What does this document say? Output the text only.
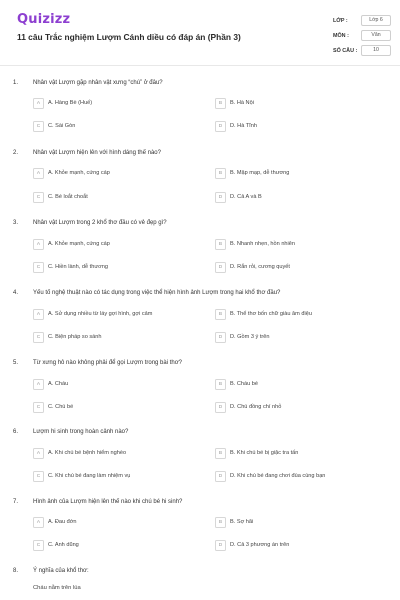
Quizizz
11 câu Trắc nghiệm Lượm Cánh diều có đáp án (Phần 3)
LỚP :	Lớp 6
MÔN :	Văn
SỐ CÂU :	10
1. Nhân vật Lượm gặp nhân vật xưng “chú” ở đâu?
A	A. Hàng Bè (Huế)	B	B. Hà Nội
C	C. Sài Gòn	D	D. Hà Tĩnh
2. Nhân vật Lượm hiện lên với hình dáng thế nào?
A	A. Khỏe mạnh, cứng cáp	B	B. Mập mạp, dễ thương
C	C. Bé loắt choắt	D	D. Cả A và B
3. Nhân vật Lượm trong 2 khổ thơ đầu có vẻ đẹp gì?
A	A. Khỏe mạnh, cứng cáp	B	B. Nhanh nhẹn, hồn nhiên
C	C. Hiền lành, dễ thương	D	D. Rắn rỏi, cương quyết
4. Yếu tố nghệ thuật nào có tác dụng trong việc thể hiện hình ảnh Lượm trong hai khổ thơ đầu?
A	A. Sử dụng nhiều từ láy gợi hình, gợi cảm	B	B. Thể thơ bốn chữ giàu âm điệu
C	C. Biện pháp so sánh	D	D. Gồm 3 ý trên
5. Từ xưng hô nào không phải để gọi Lượm trong bài thơ?
A	A. Cháu	B	B. Cháu bé
C	C. Chú bé	D	D. Chú đồng chí nhỏ
6. Lượm hi sinh trong hoàn cảnh nào?
A	A. Khi chú bé bệnh hiểm nghèo	B	B. Khi chú bé bị giặc tra tấn
C	C. Khi chú bé đang làm nhiệm vụ	D	D. Khi chú bé đang chơi đùa cùng bạn
7. Hình ảnh của Lượm hiện lên thế nào khi chú bé hi sinh?
A	A. Đau đớn	B	B. Sợ hãi
C	C. Anh dũng	D	D. Cả 3 phương án trên
8. Ý nghĩa của khổ thơ:
Cháu nằm trên lúa
